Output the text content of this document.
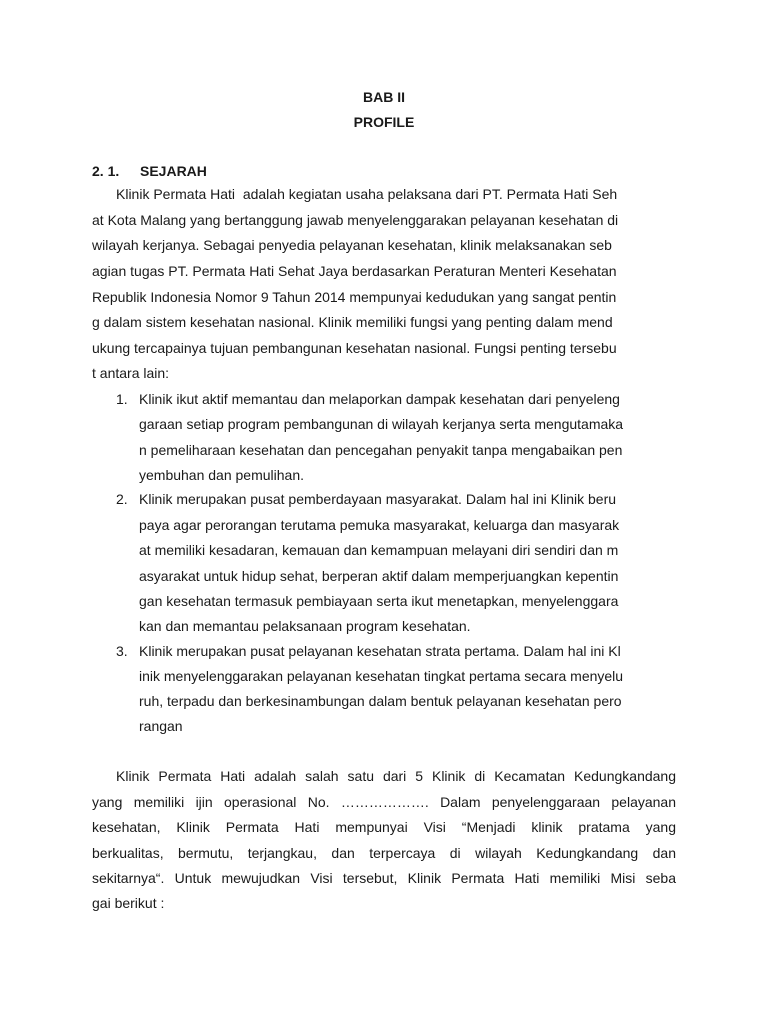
BAB II

PROFILE

2. 1. SEJARAH

Klinik Permata Hati  adalah kegiatan usaha pelaksana dari PT. Permata Hati Seh

at Kota Malang yang bertanggung jawab menyelenggarakan pelayanan kesehatan di

wilayah kerjanya. Sebagai penyedia pelayanan kesehatan, klinik melaksanakan seb

agian tugas PT. Permata Hati Sehat Jaya berdasarkan Peraturan Menteri Kesehatan

Republik Indonesia Nomor 9 Tahun 2014 mempunyai kedudukan yang sangat pentin

g dalam sistem kesehatan nasional. Klinik memiliki fungsi yang penting dalam mend

ukung tercapainya tujuan pembangunan kesehatan nasional. Fungsi penting tersebu

t antara lain:

1. Klinik ikut aktif memantau dan melaporkan dampak kesehatan dari penyeleng

garaan setiap program pembangunan di wilayah kerjanya serta mengutamaka

n pemeliharaan kesehatan dan pencegahan penyakit tanpa mengabaikan pen

yembuhan dan pemulihan.

2. Klinik merupakan pusat pemberdayaan masyarakat. Dalam hal ini Klinik beru

paya agar perorangan terutama pemuka masyarakat, keluarga dan masyarak

at memiliki kesadaran, kemauan dan kemampuan melayani diri sendiri dan m

asyarakat untuk hidup sehat, berperan aktif dalam memperjuangkan kepentin

gan kesehatan termasuk pembiayaan serta ikut menetapkan, menyelenggara

kan dan memantau pelaksanaan program kesehatan.

3. Klinik merupakan pusat pelayanan kesehatan strata pertama. Dalam hal ini Kl

inik menyelenggarakan pelayanan kesehatan tingkat pertama secara menyelu

ruh, terpadu dan berkesinambungan dalam bentuk pelayanan kesehatan pero

rangan

Klinik Permata Hati adalah salah satu dari 5 Klinik di Kecamatan Kedungkandang

yang memiliki ijin operasional No. ………………. Dalam penyelenggaraan pelayanan

kesehatan, Klinik Permata Hati mempunyai Visi “Menjadi klinik pratama yang

berkualitas, bermutu, terjangkau, dan terpercaya di wilayah Kedungkandang dan

sekitarnya“. Untuk mewujudkan Visi tersebut, Klinik Permata Hati memiliki Misi seba

gai berikut :
